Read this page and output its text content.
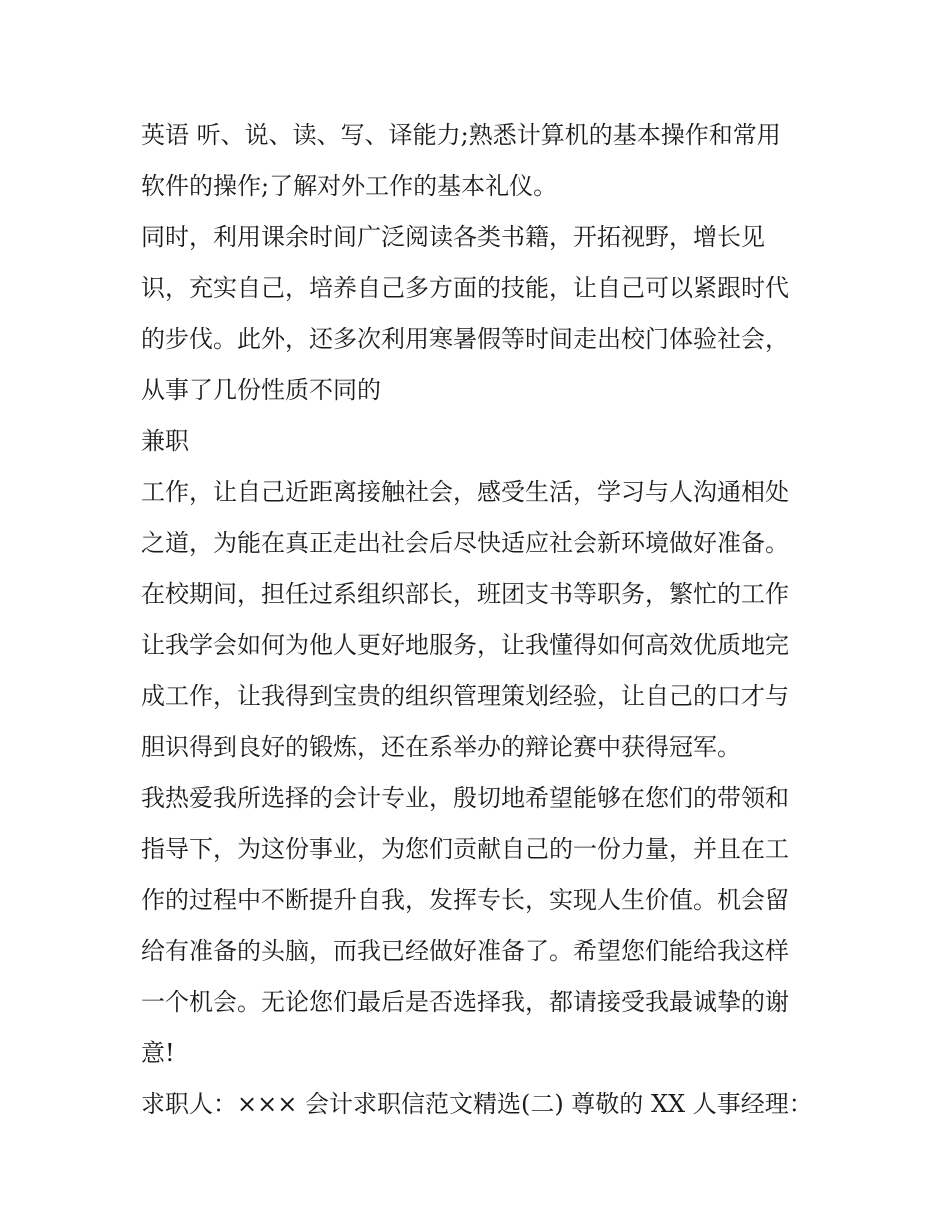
英语 听、说、读、写、译能力;熟悉计算机的基本操作和常用
软件的操作;了解对外工作的基本礼仪。
同时，利用课余时间广泛阅读各类书籍，开拓视野，增长见
识，充实自己，培养自己多方面的技能，让自己可以紧跟时代
的步伐。此外，还多次利用寒暑假等时间走出校门体验社会，
从事了几份性质不同的
兼职
工作，让自己近距离接触社会，感受生活，学习与人沟通相处
之道，为能在真正走出社会后尽快适应社会新环境做好准备。
在校期间，担任过系组织部长，班团支书等职务，繁忙的工作
让我学会如何为他人更好地服务，让我懂得如何高效优质地完
成工作，让我得到宝贵的组织管理策划经验，让自己的口才与
胆识得到良好的锻炼，还在系举办的辩论赛中获得冠军。
我热爱我所选择的会计专业，殷切地希望能够在您们的带领和
指导下，为这份事业，为您们贡献自己的一份力量，并且在工
作的过程中不断提升自我，发挥专长，实现人生价值。机会留
给有准备的头脑，而我已经做好准备了。希望您们能给我这样
一个机会。无论您们最后是否选择我，都请接受我最诚挚的谢
意!
求职人：××× 会计求职信范文精选(二) 尊敬的 XX 人事经理：
